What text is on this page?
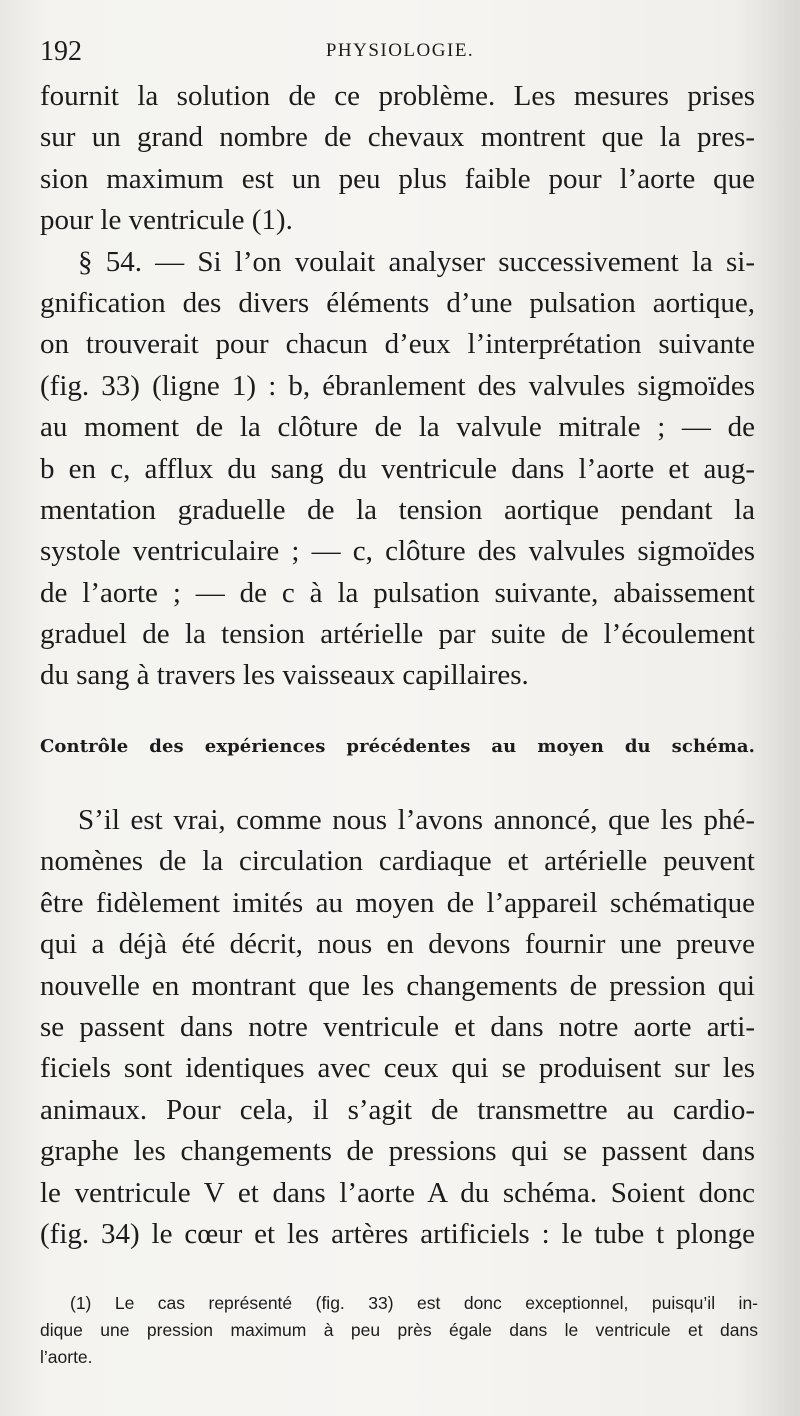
192	PHYSIOLOGIE.
fournit la solution de ce problème. Les mesures prises
sur un grand nombre de chevaux montrent que la pres-
sion maximum est un peu plus faible pour l’aorte que
pour le ventricule (1).
§ 54. — Si l’on voulait analyser successivement la si-
gnification des divers éléments d’une pulsation aortique,
on trouverait pour chacun d’eux l’interprétation suivante
(fig. 33) (ligne 1) : b, ébranlement des valvules sigmoïdes
au moment de la clôture de la valvule mitrale ; — de
b en c, afflux du sang du ventricule dans l’aorte et aug-
mentation graduelle de la tension aortique pendant la
systole ventriculaire ; — c, clôture des valvules sigmoïdes
de l’aorte ; — de c à la pulsation suivante, abaissement
graduel de la tension artérielle par suite de l’écoulement
du sang à travers les vaisseaux capillaires.
Contrôle des expériences précédentes au moyen du schéma.
S’il est vrai, comme nous l’avons annoncé, que les phé-
nomènes de la circulation cardiaque et artérielle peuvent
être fidèlement imités au moyen de l’appareil schématique
qui a déjà été décrit, nous en devons fournir une preuve
nouvelle en montrant que les changements de pression qui
se passent dans notre ventricule et dans notre aorte arti-
ficiels sont identiques avec ceux qui se produisent sur les
animaux. Pour cela, il s’agit de transmettre au cardio-
graphe les changements de pressions qui se passent dans
le ventricule V et dans l’aorte A du schéma. Soient donc
(fig. 34) le cœur et les artères artificiels : le tube t plonge
(1) Le cas représenté (fig. 33) est donc exceptionnel, puisqu’il in-
dique une pression maximum à peu près égale dans le ventricule et dans
l’aorte.
